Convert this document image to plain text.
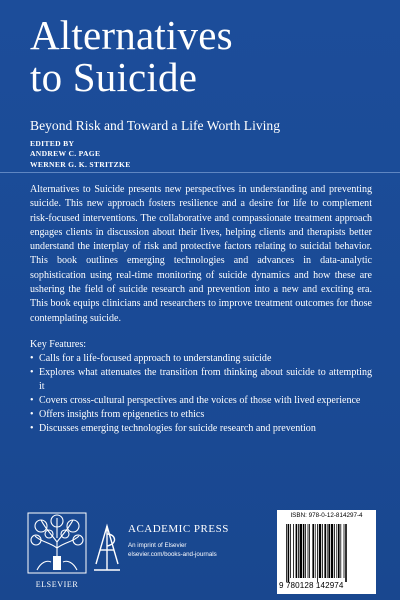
Alternatives
to Suicide
Beyond Risk and Toward a Life Worth Living
EDITED BY
ANDREW C. PAGE
WERNER G. K. STRITZKE
Alternatives to Suicide presents new perspectives in understanding and preventing suicide. This new approach fosters resilience and a desire for life to complement risk-focused interventions. The collaborative and compassionate treatment approach engages clients in discussion about their lives, helping clients and therapists better understand the interplay of risk and protective factors relating to suicidal behavior. This book outlines emerging technologies and advances in data-analytic sophistication using real-time monitoring of suicide dynamics and how these are ushering the field of suicide research and prevention into a new and exciting era. This book equips clinicians and researchers to improve treatment outcomes for those contemplating suicide.
Key Features:
• Calls for a life-focused approach to understanding suicide
• Explores what attenuates the transition from thinking about suicide to attempting it
• Covers cross-cultural perspectives and the voices of those with lived experience
• Offers insights from epigenetics to ethics
• Discusses emerging technologies for suicide research and prevention
ELSEVIER
ACADEMIC PRESS
An imprint of Elsevier
elsevier.com/books-and-journals
ISBN: 978-0-12-814297-4
9 780128 142974
